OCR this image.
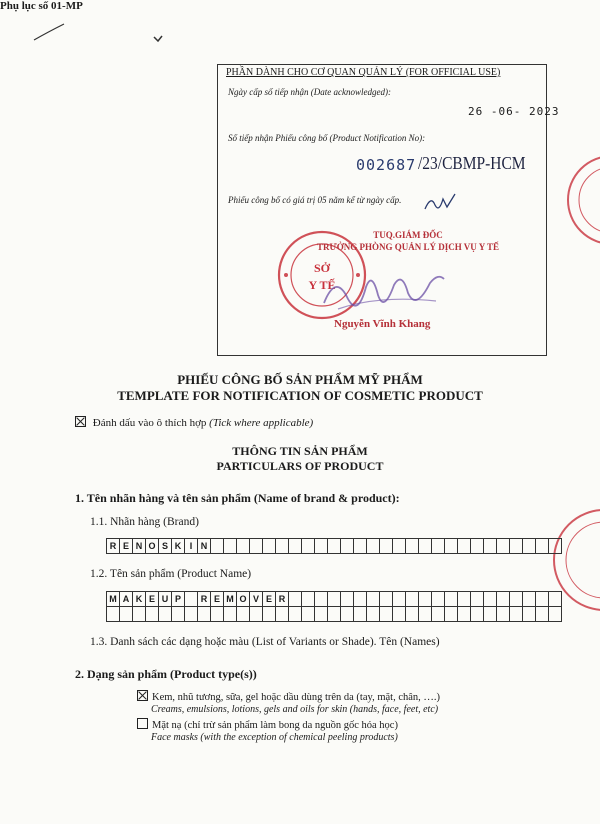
Phụ lục số 01-MP
PHẦN DÀNH CHO CƠ QUAN QUẢN LÝ (FOR OFFICIAL USE)
Ngày cấp số tiếp nhận (Date acknowledged):
26 -06- 2023
Số tiếp nhận Phiếu công bố (Product Notification No):
002687 /23/CBMP-HCM
Phiếu công bố có giá trị 05 năm kể từ ngày cấp.
SỞ
Y TẾ
TUQ.GIÁM ĐỐC
TRƯỞNG PHÒNG QUẢN LÝ DỊCH VỤ Y TẾ
Nguyễn Vĩnh Khang
PHIẾU CÔNG BỐ SẢN PHẨM MỸ PHẨM
TEMPLATE FOR NOTIFICATION OF COSMETIC PRODUCT
Đánh dấu vào ô thích hợp (Tick where applicable)
THÔNG TIN SẢN PHẨM
PARTICULARS OF PRODUCT
1. Tên nhãn hàng và tên sản phẩm (Name of brand & product):
1.1. Nhãn hàng (Brand)
R	E	N	O	S	K	I	N																											
1.2. Tên sản phẩm (Product Name)
M	A	K	E	U	P		R	E	M	O	V	E	R																					

1.3. Danh sách các dạng hoặc màu (List of Variants or Shade). Tên (Names)
2. Dạng sản phẩm (Product type(s))
Kem, nhũ tương, sữa, gel hoặc dầu dùng trên da (tay, mặt, chân, ….)
Creams, emulsions, lotions, gels and oils for skin (hands, face, feet, etc)
Mặt nạ (chỉ trừ sản phẩm làm bong da nguồn gốc hóa học)
Face masks (with the exception of chemical peeling products)
